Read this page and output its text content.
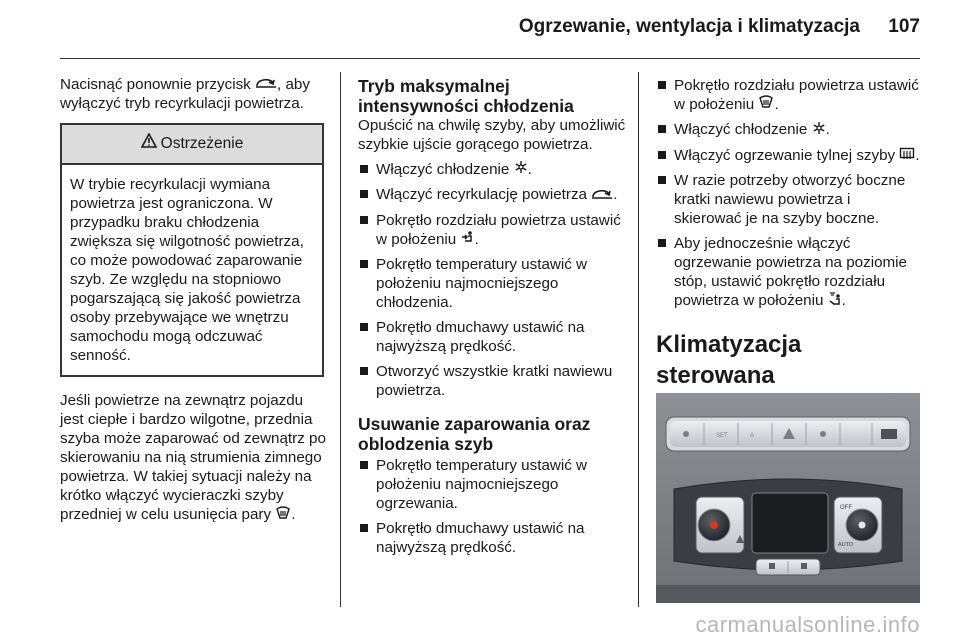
Ogrzewanie, wentylacja i klimatyzacja 107

Nacisnąć ponownie przycisk , aby wyłączyć tryb recyrkulacji powietrza.

Ostrzeżenie
W trybie recyrkulacji wymiana powietrza jest ograniczona. W przypadku braku chłodzenia zwiększa się wilgotność powietrza, co może powodować zaparowanie szyb. Ze względu na stopniowo pogarszającą się jakość powietrza osoby przebywające we wnętrzu samochodu mogą odczuwać senność.

Jeśli powietrze na zewnątrz pojazdu jest ciepłe i bardzo wilgotne, przednia szyba może zaparować od zewnątrz po skierowaniu na nią strumienia zimnego powietrza. W takiej sytuacji należy na krótko włączyć wycieraczki szyby przedniej w celu usunięcia pary .

Tryb maksymalnej intensywności chłodzenia

Opuścić na chwilę szyby, aby umożliwić szybkie ujście gorącego powietrza.

Włączyć chłodzenie .
Włączyć recyrkulację powietrza .
Pokrętło rozdziału powietrza ustawić w położeniu .
Pokrętło temperatury ustawić w położeniu najmocniejszego chłodzenia.
Pokrętło dmuchawy ustawić na najwyższą prędkość.
Otworzyć wszystkie kratki nawiewu powietrza.
Usuwanie zaparowania oraz oblodzenia szyb
Pokrętło temperatury ustawić w położeniu najmocniejszego ogrzewania.
Pokrętło dmuchawy ustawić na najwyższą prędkość.
Pokrętło rozdziału powietrza ustawić w położeniu .
Włączyć chłodzenie .
Włączyć ogrzewanie tylnej szyby .
W razie potrzeby otworzyć boczne kratki nawiewu powietrza i skierować je na szyby boczne.
Aby jednocześnie włączyć ogrzewanie powietrza na poziomie stóp, ustawić pokrętło rozdziału powietrza w położeniu .
Klimatyzacja sterowana
SET	A
OFF
AUTO
carmanualsonline.info
